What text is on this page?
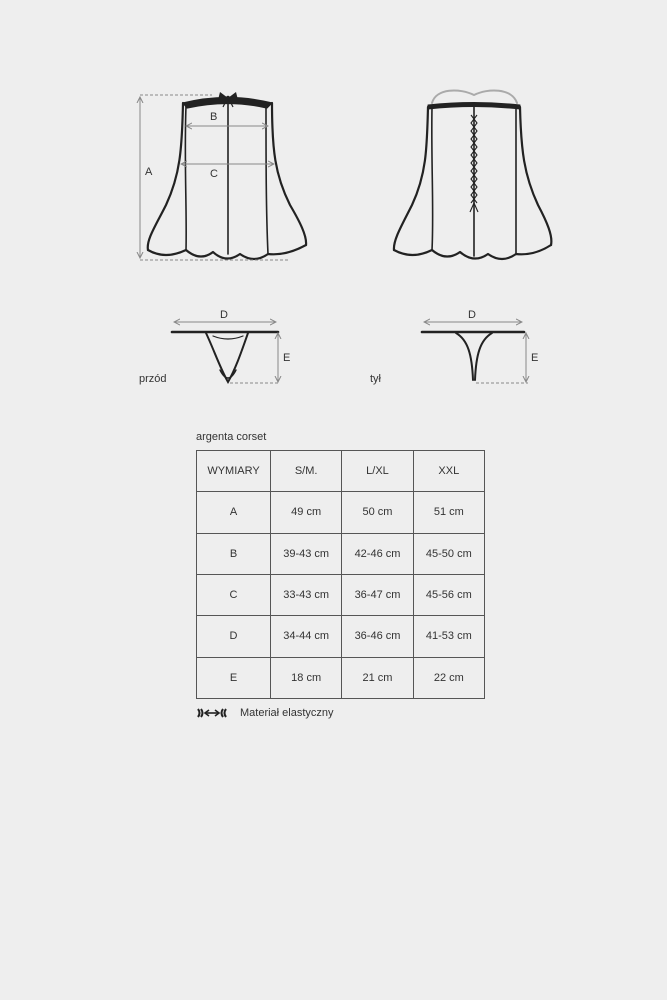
A
B
C
D
E
D
E
przód	tył
argenta corset
WYMIARY	S/M.	L/XL	XXL
A	49 cm	50 cm	51 cm
B	39-43 cm	42-46 cm	45-50 cm
C	33-43 cm	36-47 cm	45-56 cm
D	34-44 cm	36-46 cm	41-53 cm
E	18 cm	21 cm	22 cm
Materiał elastyczny
